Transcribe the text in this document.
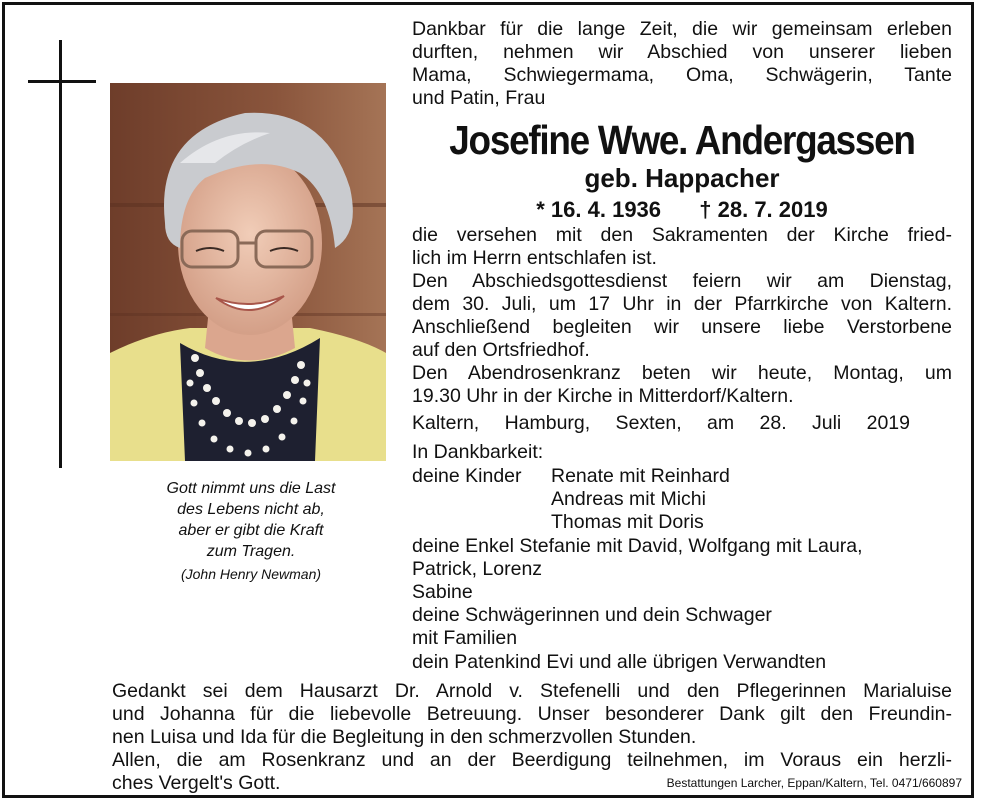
Dankbar für die lange Zeit, die wir gemeinsam erleben
durften, nehmen wir Abschied von unserer lieben
Mama, Schwiegermama, Oma, Schwägerin, Tante
und Patin, Frau
Josefine Wwe. Andergassen
geb. Happacher
* 16. 4. 1936 † 28. 7. 2019
die versehen mit den Sakramenten der Kirche fried-
lich im Herrn entschlafen ist.
Den Abschiedsgottesdienst feiern wir am Dienstag,
dem 30. Juli, um 17 Uhr in der Pfarrkirche von Kaltern.
Anschließend begleiten wir unsere liebe Verstorbene
auf den Ortsfriedhof.
Den Abendrosenkranz beten wir heute, Montag, um
19.30 Uhr in der Kirche in Mitterdorf/Kaltern.
Kaltern, Hamburg, Sexten, am 28. Juli 2019
In Dankbarkeit:
deine Kinder Renate mit Reinhard
Andreas mit Michi
Thomas mit Doris
deine Enkel Stefanie mit David, Wolfgang mit Laura,
Patrick, Lorenz
Sabine
deine Schwägerinnen und dein Schwager
mit Familien
dein Patenkind Evi und alle übrigen Verwandten
Gedankt sei dem Hausarzt Dr. Arnold v. Stefenelli und den Pflegerinnen Marialuise
und Johanna für die liebevolle Betreuung. Unser besonderer Dank gilt den Freundin-
nen Luisa und Ida für die Begleitung in den schmerzvollen Stunden.
Allen, die am Rosenkranz und an der Beerdigung teilnehmen, im Voraus ein herzli-
ches Vergelt's Gott.	Bestattungen Larcher, Eppan/Kaltern, Tel. 0471/660897
Gott nimmt uns die Last
des Lebens nicht ab,
aber er gibt die Kraft
zum Tragen.
(John Henry Newman)
